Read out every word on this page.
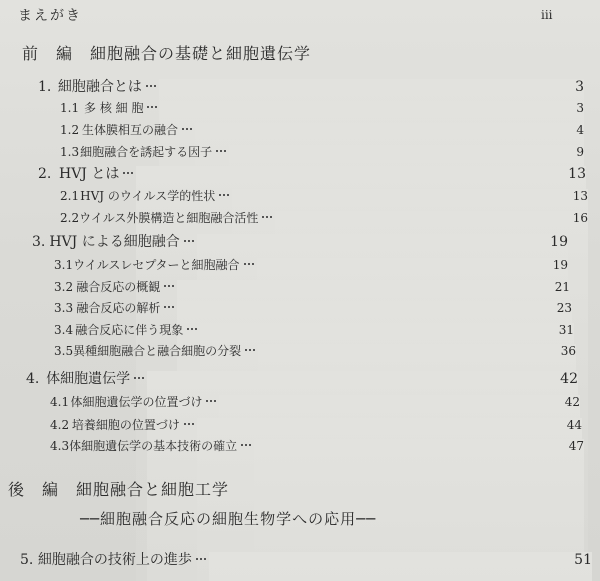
まえがき	iii
前　編　細胞融合の基礎と細胞遺伝学
1. 細胞融合とは	3
1.1 多 核 細 胞	3
1.2 生体膜相互の融合	4
1.3 細胞融合を誘起する因子	9
2. HVJ とは	13
2.1 HVJ のウイルス学的性状	13
2.2 ウイルス外膜構造と細胞融合活性	16
3. HVJ による細胞融合	19
3.1 ウイルスレセプターと細胞融合	19
3.2 融合反応の概観	21
3.3 融合反応の解析	23
3.4 融合反応に伴う現象	31
3.5 異種細胞融合と融合細胞の分裂	36
4. 体細胞遺伝学	42
4.1 体細胞遺伝学の位置づけ	42
4.2 培養細胞の位置づけ	44
4.3 体細胞遺伝学の基本技術の確立	47
後　編　細胞融合と細胞工学
──細胞融合反応の細胞生物学への応用──
5. 細胞融合の技術上の進歩	51
